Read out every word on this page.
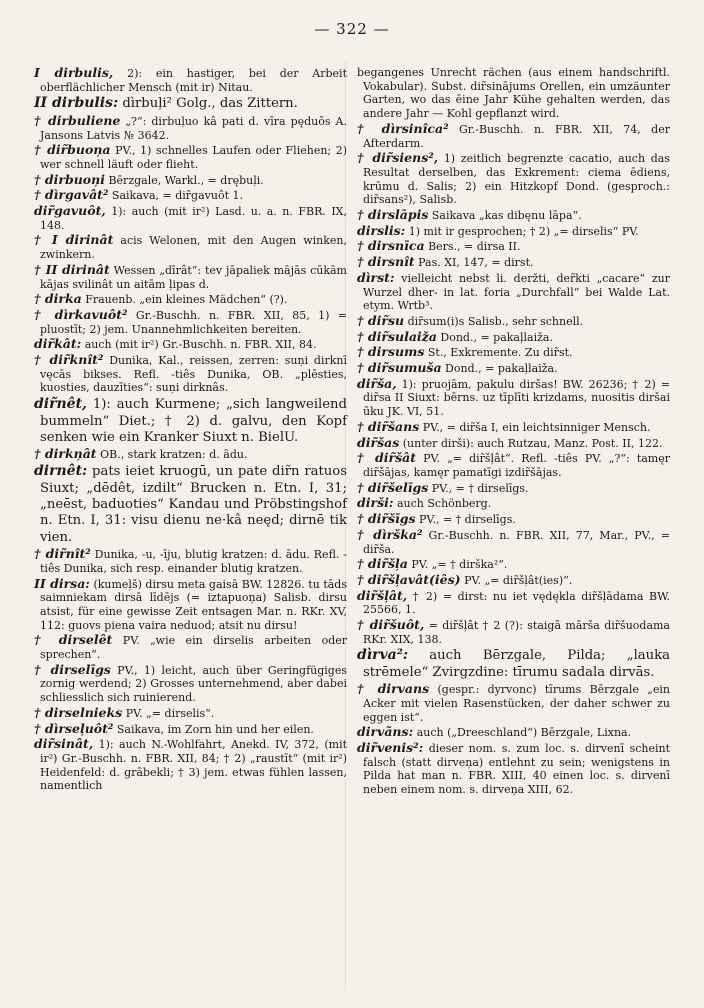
— 322 —
I dirbulis, 2): ein hastiger, bei der Arbeit oberflächlicher Mensch (mit ir) Nitau.
II dirbulis: dìrbuļi² Golg., das Zittern.
† dirbuliene „?“: dirbuļuo kâ pati d. vīra pęduõs A. Jansons Latvis № 3642.
† dir̃buoņa PV., 1) schnelles Laufen oder Fliehen; 2) wer schnell läuft oder flieht.
† dirbuoņi Bērzgale, Warkl., = drębuļi.
† dìrgavât² Saikava, = dir̃gavuôt 1.
dir̃gavuôt, 1): auch (mit ir²) Lasd. u. a. n. FBR. IX, 148.
† I dirinât acis Welonen, mit den Augen winken, zwinkern.
† II dirinât Wessen „dīrât“: tev jāpaliek mājās cūkām kājas svilinât un aitām ļipas d.
† dirka Frauenb. „ein kleines Mädchen“ (?).
† dìrkavuôt² Gr.-Buschh. n. FBR. XII, 85, 1) = pluostīt; 2) jem. Unannehmlichkeiten bereiten.
dir̃kât: auch (mit ir²) Gr.-Buschh. n. FBR. XII, 84.
† dir̃knît² Dunika, Kal., reissen, zerren: suņi dirknī vęcās bikses. Refl. -tiês Dunika, OB. „plēsties, kuosties, dauzīties“: suņi dirknâs.
dir̃nêt, 1): auch Kurmene; „sich langweilend bummeln“ Diet.; † 2) d. galvu, den Kopf senken wie ein Kranker Siuxt n. BielU.
† dirkņât OB., stark kratzen: d. ādu.
dirnêt: pats ieiet kruogū, un pate dir̃n ratuos Siuxt; „dēdêt, izdilt“ Brucken n. Etn. I, 31; „neēst, baduoties“ Kandau und Pröbstingshof n. Etn. I, 31: visu dienu ne·kâ neęd; dirnē tik vien.
† dir̃nît² Dunika, -u, -īju, blutig kratzen: d. ādu. Refl. -tiês Dunika, sich resp. einander blutig kratzen.
II dirsa: (kumeļš) dirsu meta gaisā BW. 12826. tu tāds saimniekam dirsā līdējs (= iztapuoņa) Salisb. dirsu atsist, für eine gewisse Zeit entsagen Mar. n. RKr. XV, 112: guovs piena vaira neduod; atsit nu dirsu!
† dirselêt PV. „wie ein dirselis arbeiten oder sprechen“.
† dirselīgs PV., 1) leicht, auch über Geringfügiges zornig werdend; 2) Grosses unternehmend, aber dabei schliesslich sich ruinierend.
† dirselnieks PV. „= dirselis“.
† dìrseļuôt² Saikava, im Zorn hin und her eilen.
dir̃sinât, 1): auch N.-Wohlfahrt, Anekd. IV, 372, (mit ir²) Gr.-Buschh. n. FBR. XII, 84; † 2) „raustīt“ (mit ir²) Heidenfeld: d. grābekli; † 3) jem. etwas fühlen lassen, namentlich
begangenes Unrecht rächen (aus einem handschriftl. Vokabular). Subst. dir̃sinājums Orellen, ein umzäunter Garten, wo das ēine Jahr Kühe gehalten werden, das andere Jahr — Kohl gepflanzt wird.
† dìrsinîca² Gr.-Buschh. n. FBR. XII, 74, der Afterdarm.
† dir̃siens², 1) zeitlich begrenzte cacatio, auch das Resultat derselben, das Exkrement: ciema ēdiens, krūmu d. Salis; 2) ein Hitzkopf Dond. (gesproch.: dir̃sans²), Salisb.
† dirslāpis Saikava „kas dibęnu lāpa“.
dirslis: 1) mit ir gesprochen; † 2) „= dirselis“ PV.
† dirsnīca Bers., = dirsa II.
† dirsnît Pas. XI, 147, = dirst.
dìrst: vielleicht nebst li. deržti, der̃kti „cacare“ zur Wurzel dher- in lat. foria „Durchfall“ bei Walde Lat. etym. Wrtb³.
† dir̃su dir̃sum(i)s Salisb., sehr schnell.
† dir̃sulaiža Dond., = pakaļlaiža.
† dirsums St., Exkremente. Zu dir̃st.
† dir̃sumuša Dond., = pakaļlaiža.
dir̃ša, 1): pruojām, pakulu diršas! BW. 26236; † 2) = dir̃sa II Siuxt: bērns. uz tīplīti krizdams, nuositis diršai ūku JK. VI, 51.
† dir̃šans PV., = dir̃ša I, ein leichtsinniger Mensch.
dir̃šas (unter dirši): auch Rutzau, Manz. Post. II, 122.
† dir̃šât PV. „= dir̃šļât“. Refl. -tiês PV. „?“: tamęr dir̃šājas, kamęr pamatīgi izdir̃šājas.
† dir̃šelīgs PV., = † dirselīgs.
dirši: auch Schönberg.
† dir̃šīgs PV., = † dirselīgs.
† dìrška² Gr.-Buschh. n. FBR. XII, 77, Mar., PV., = dir̃ša.
† dir̃šļa PV. „= † dirška²“.
† dir̃šļavât(iês) PV. „= dir̃šļât(ies)“.
dir̃šļât, † 2) = dirst: nu iet vędękla dir̃šļādama BW. 25566, 1.
† dir̃šuôt, = dir̃šļât † 2 (?): staigā mārša dir̃šuodama RKr. XIX, 138.
dìrva²: auch Bērzgale, Pilda; „lauka strēmele“ Zvirgzdine: tīrumu sadala dirvās.
† dirvans (gespr.: dyrvonc) tīrums Bērzgale „ein Acker mit vielen Rasenstücken, der daher schwer zu eggen ist“.
dirvãns: auch („Dreeschland“) Bērzgale, Lixna.
dir̃venis²: dieser nom. s. zum loc. s. dirvenī scheint falsch (statt dirveņa) entlehnt zu sein; wenigstens in Pilda hat man n. FBR. XIII, 40 einen loc. s. dirvenī neben einem nom. s. dirveņa XIII, 62.
